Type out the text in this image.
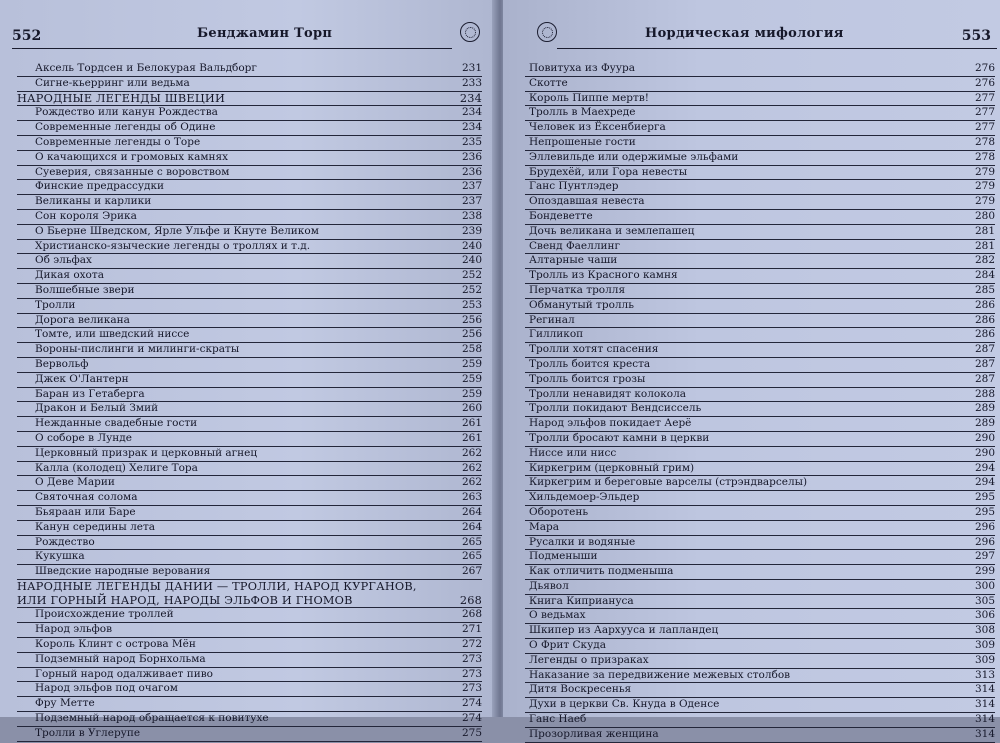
552	Бенджамин Торп
Аксель Тордсен и Белокурая Вальдборг	231
Сигне-кьерринг или ведьма	233
НАРОДНЫЕ ЛЕГЕНДЫ ШВЕЦИИ	234
Рождество или канун Рождества	234
Современные легенды об Одине	234
Современные легенды о Торе	235
О качающихся и громовых камнях	236
Суеверия, связанные с воровством	236
Финские предрассудки	237
Великаны и карлики	237
Сон короля Эрика	238
О Бьерне Шведском, Ярле Ульфе и Кнуте Великом	239
Христианско-языческие легенды о троллях и т.д.	240
Об эльфах	240
Дикая охота	252
Волшебные звери	252
Тролли	253
Дорога великана	256
Томте, или шведский ниссе	256
Вороны-пислинги и милинги-скраты	258
Вервольф	259
Джек О'Лантерн	259
Баран из Гетаберга	259
Дракон и Белый Змий	260
Нежданные свадебные гости	261
О соборе в Лунде	261
Церковный призрак и церковный агнец	262
Калла (колодец) Хелиге Тора	262
О Деве Марии	262
Святочная солома	263
Бьяраан или Баре	264
Канун середины лета	264
Рождество	265
Кукушка	265
Шведские народные верования	267
НАРОДНЫЕ ЛЕГЕНДЫ ДАНИИ — ТРОЛЛИ, НАРОД КУРГАНОВ,
ИЛИ ГОРНЫЙ НАРОД, НАРОДЫ ЭЛЬФОВ И ГНОМОВ	268
Происхождение троллей	268
Народ эльфов	271
Король Клинт с острова Мён	272
Подземный народ Борнхольма	273
Горный народ одалживает пиво	273
Народ эльфов под очагом	273
Фру Метте	274
Подземный народ обращается к повитухе	274
Тролли в Углерупе	275
Нордическая мифология	553
Повитуха из Фуура	276
Скотте	276
Король Пиппе мертв!	277
Тролль в Маехреде	277
Человек из Ёксенбиерга	277
Непрошеные гости	278
Эллевильде или одержимые эльфами	278
Брудехёй, или Гора невесты	279
Ганс Пунтлэдер	279
Опоздавшая невеста	279
Бондеветте	280
Дочь великана и землепашец	281
Свенд Фаеллинг	281
Алтарные чаши	282
Тролль из Красного камня	284
Перчатка тролля	285
Обманутый тролль	286
Регинал	286
Гилликоп	286
Тролли хотят спасения	287
Тролль боится креста	287
Тролль боится грозы	287
Тролли ненавидят колокола	288
Тролли покидают Вендсиссель	289
Народ эльфов покидает Аерё	289
Тролли бросают камни в церкви	290
Ниссе или нисс	290
Киркегрим (церковный грим)	294
Киркегрим и береговые варселы (стрэндварселы)	294
Хильдемоер-Эльдер	295
Оборотень	295
Мара	296
Русалки и водяные	296
Подменыши	297
Как отличить подменыша	299
Дьявол	300
Книга Киприануса	305
О ведьмах	306
Шкипер из Аархууса и лапландец	308
О Фрит Скуда	309
Легенды о призраках	309
Наказание за передвижение межевых столбов	313
Дитя Воскресенья	314
Духи в церкви Св. Кнуда в Оденсе	314
Ганс Наеб	314
Прозорливая женщина	314
